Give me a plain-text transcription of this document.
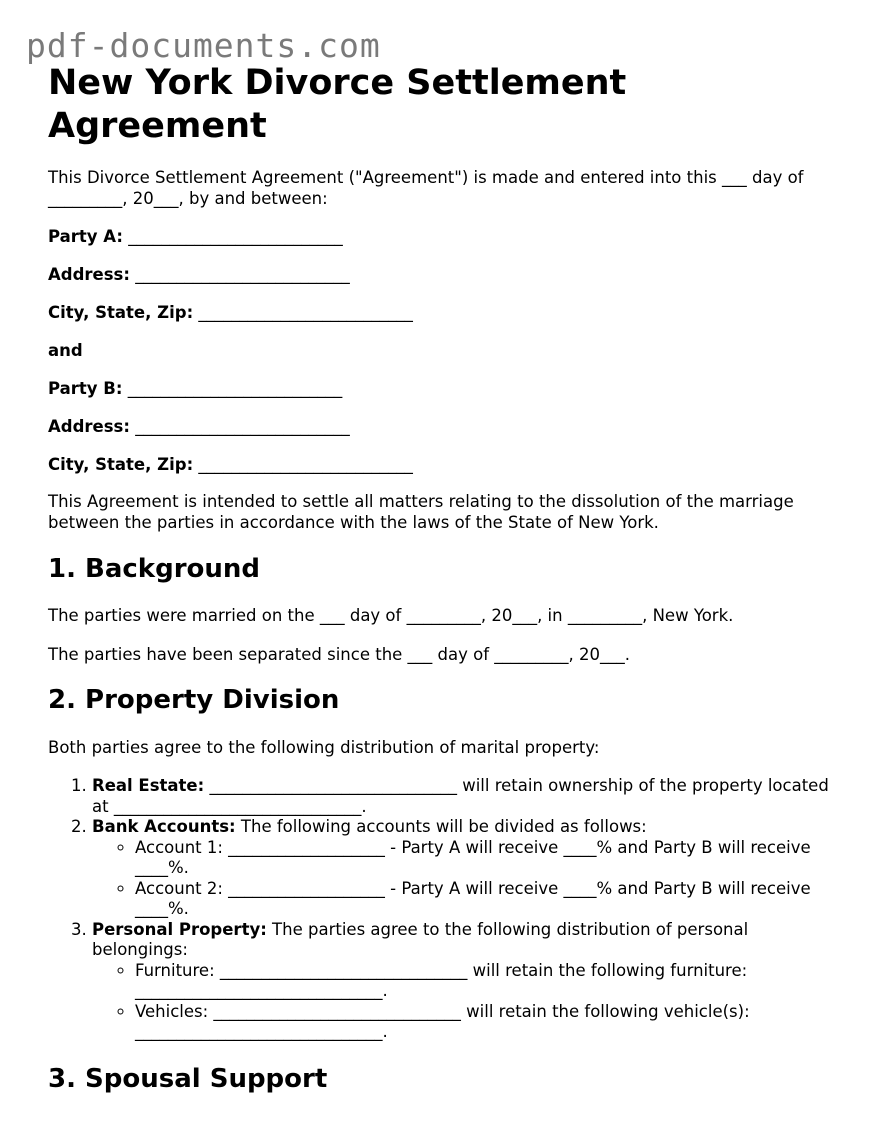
pdf-documents.com
New York Divorce Settlement Agreement

This Divorce Settlement Agreement ("Agreement") is made and entered into this ___ day of _________, 20___, by and between:

Party A: __________________________

Address: __________________________

City, State, Zip: __________________________

and

Party B: __________________________

Address: __________________________

City, State, Zip: __________________________

This Agreement is intended to settle all matters relating to the dissolution of the marriage between the parties in accordance with the laws of the State of New York.

1. Background

The parties were married on the ___ day of _________, 20___, in _________, New York.

The parties have been separated since the ___ day of _________, 20___.

2. Property Division

Both parties agree to the following distribution of marital property:

1. Real Estate: ______________________________ will retain ownership of the property located at ______________________________.
2. Bank Accounts: The following accounts will be divided as follows:
◦ Account 1: ___________________ - Party A will receive ____% and Party B will receive ____%.
◦ Account 2: ___________________ - Party A will receive ____% and Party B will receive ____%.
3. Personal Property: The parties agree to the following distribution of personal belongings:
◦ Furniture: ______________________________ will retain the following furniture: ______________________________.
◦ Vehicles: ______________________________ will retain the following vehicle(s): ______________________________.
3. Spousal Support
